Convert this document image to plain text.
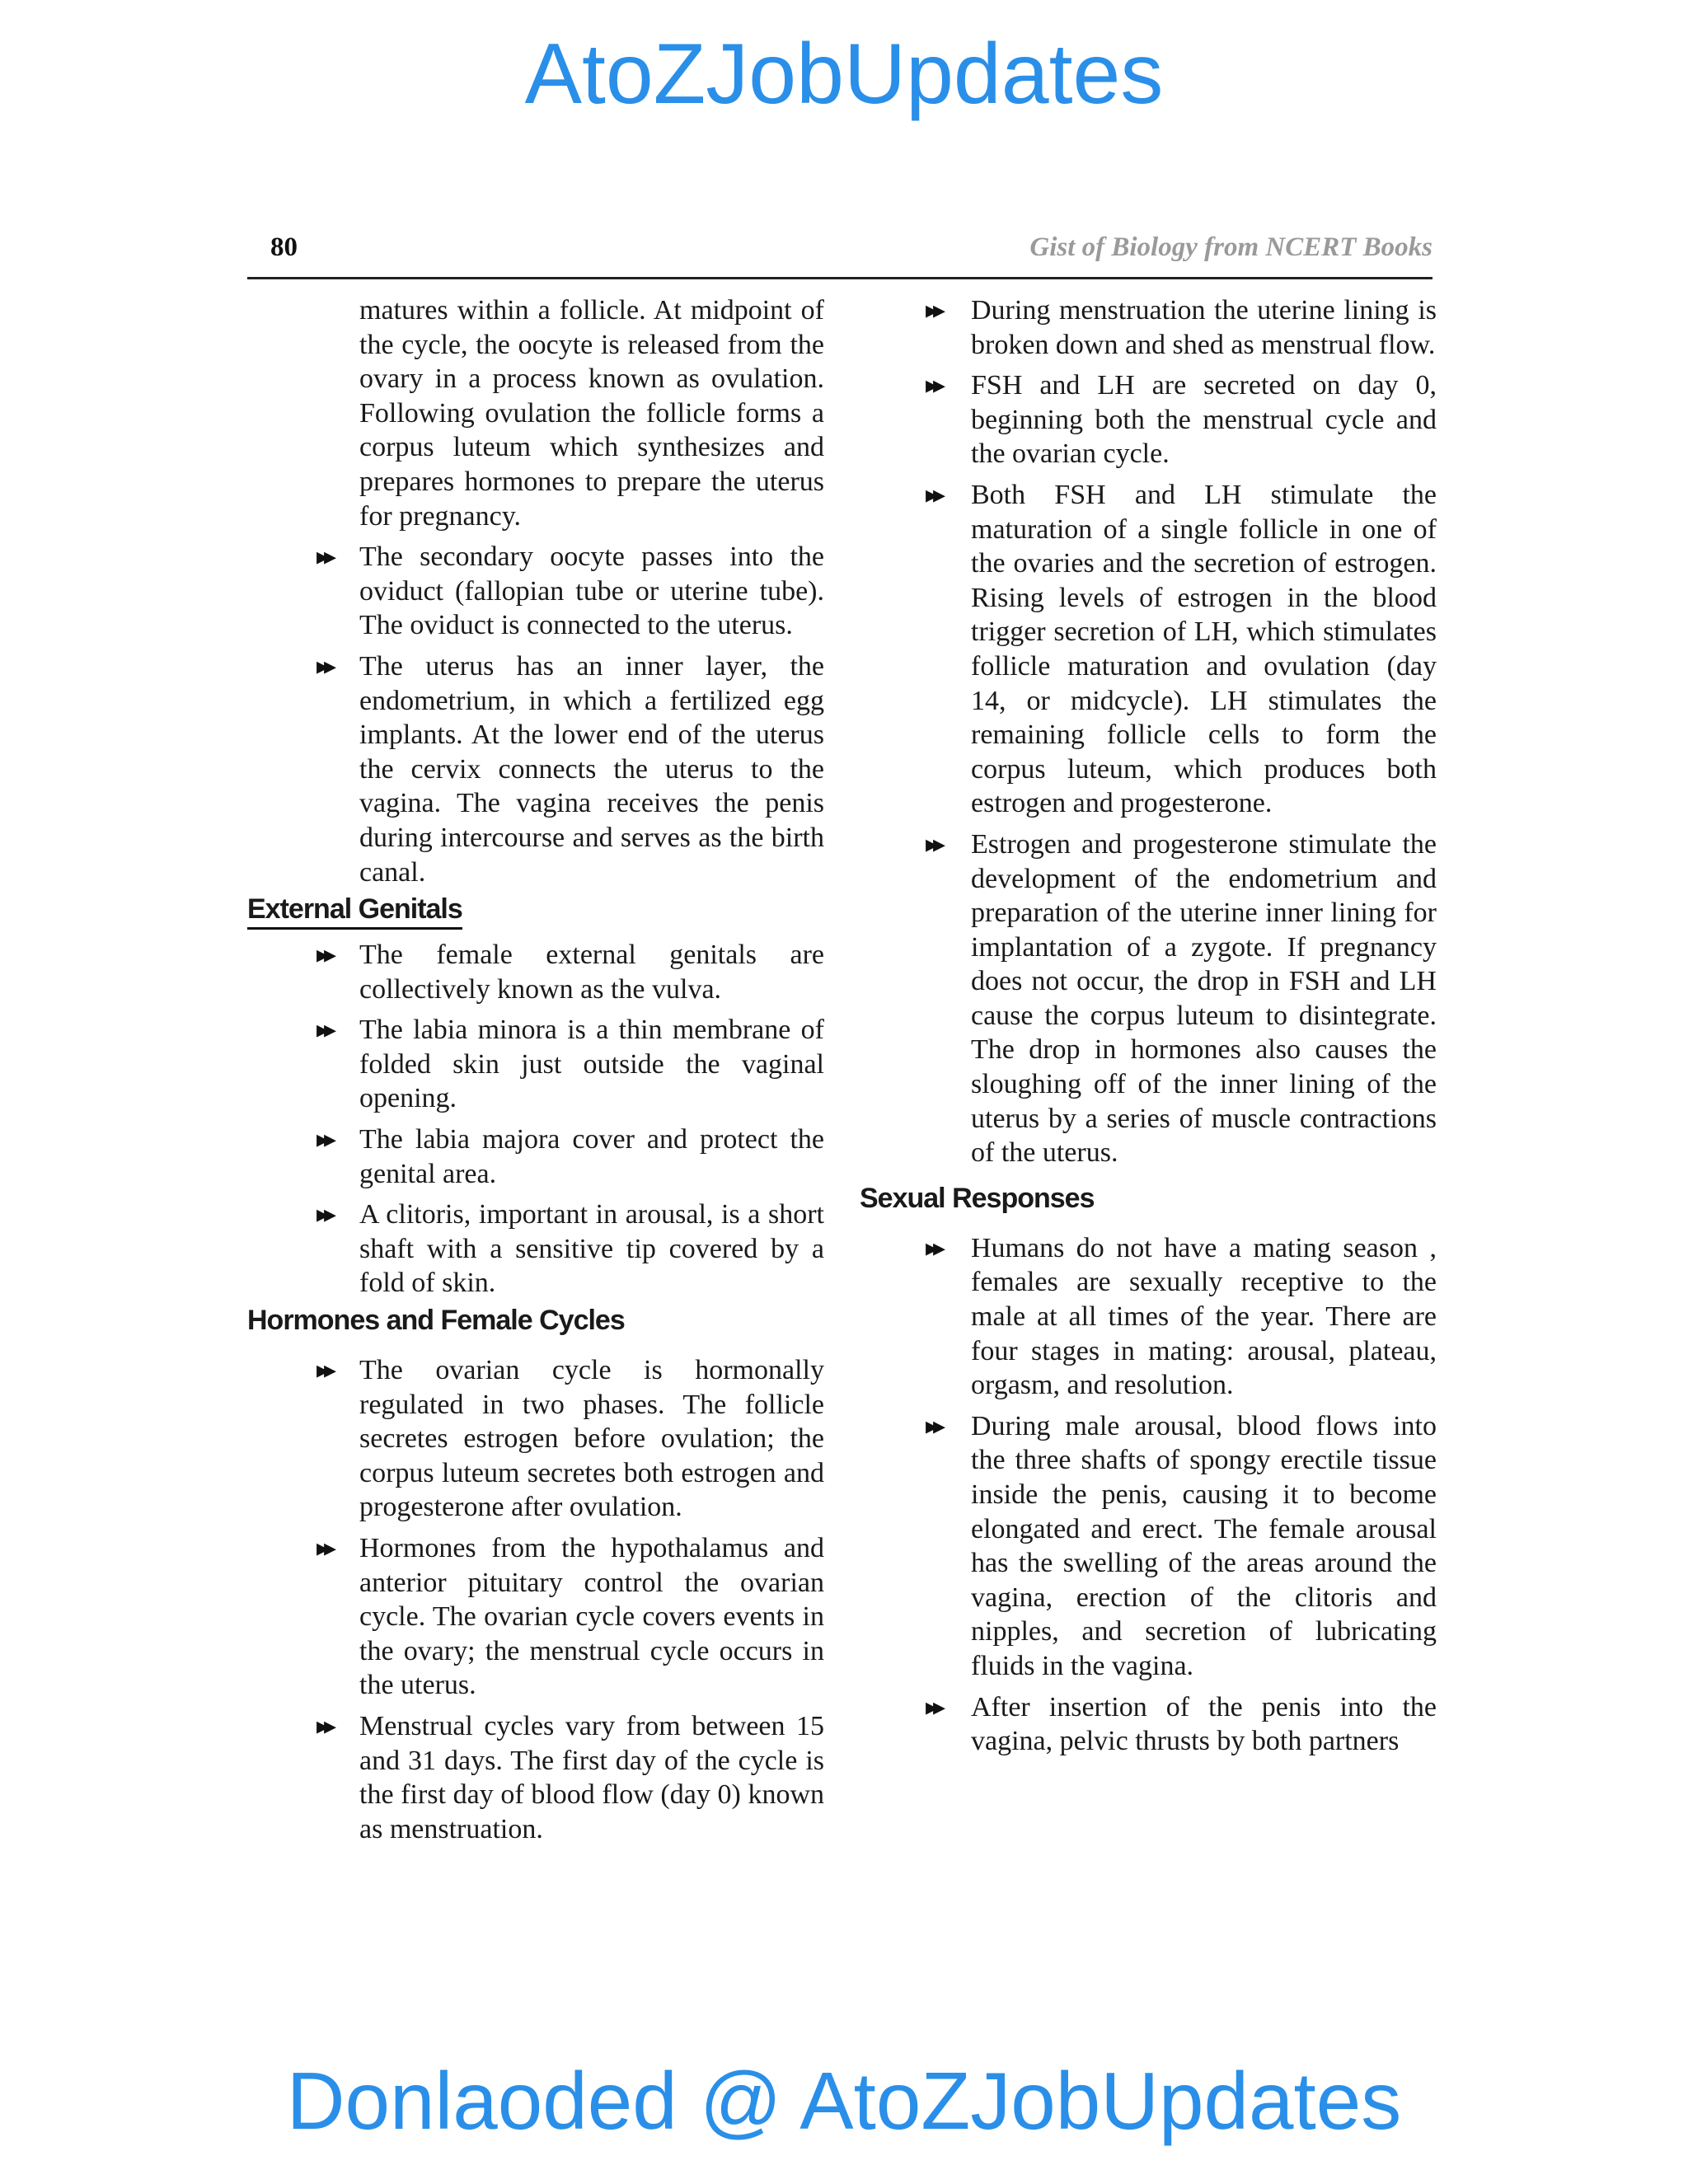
AtoZJobUpdates
80	Gist of Biology from NCERT Books
matures within a follicle. At midpoint of the cycle, the oocyte is released from the ovary in a process known as ovulation. Following ovulation the follicle forms a corpus luteum which synthesizes and prepares hormones to prepare the uterus for pregnancy.
▸▸ The secondary oocyte passes into the oviduct (fallopian tube or uterine tube). The oviduct is connected to the uterus.
▸▸ The uterus has an inner layer, the endometrium, in which a fertilized egg implants. At the lower end of the uterus the cervix connects the uterus to the vagina. The vagina receives the penis during intercourse and serves as the birth canal.
External Genitals
▸▸ The female external genitals are collectively known as the vulva.
▸▸ The labia minora is a thin membrane of folded skin just outside the vaginal opening.
▸▸ The labia majora cover and protect the genital area.
▸▸ A clitoris, important in arousal, is a short shaft with a sensitive tip covered by a fold of skin.
Hormones and Female Cycles
▸▸ The ovarian cycle is hormonally regulated in two phases. The follicle secretes estrogen before ovulation; the corpus luteum secretes both estrogen and progesterone after ovulation.
▸▸ Hormones from the hypothalamus and anterior pituitary control the ovarian cycle. The ovarian cycle covers events in the ovary; the menstrual cycle occurs in the uterus.
▸▸ Menstrual cycles vary from between 15 and 31 days. The first day of the cycle is the first day of blood flow (day 0) known as menstruation.
▸▸ During menstruation the uterine lining is broken down and shed as menstrual flow.
▸▸ FSH and LH are secreted on day 0, beginning both the menstrual cycle and the ovarian cycle.
▸▸ Both FSH and LH stimulate the maturation of a single follicle in one of the ovaries and the secretion of estrogen. Rising levels of estrogen in the blood trigger secretion of LH, which stimulates follicle maturation and ovulation (day 14, or midcycle). LH stimulates the remaining follicle cells to form the corpus luteum, which produces both estrogen and progesterone.
▸▸ Estrogen and progesterone stimulate the development of the endometrium and preparation of the uterine inner lining for implantation of a zygote. If pregnancy does not occur, the drop in FSH and LH cause the corpus luteum to disintegrate. The drop in hormones also causes the sloughing off of the inner lining of the uterus by a series of muscle contractions of the uterus.
Sexual Responses
▸▸ Humans do not have a mating season , females are sexually receptive to the male at all times of the year. There are four stages in mating: arousal, plateau, orgasm, and resolution.
▸▸ During male arousal, blood flows into the three shafts of spongy erectile tissue inside the penis, causing it to become elongated and erect. The female arousal has the swelling of the areas around the vagina, erection of the clitoris and nipples, and secretion of lubricating fluids in the vagina.
▸▸ After insertion of the penis into the vagina, pelvic thrusts by both partners
Donlaoded @ AtoZJobUpdates
